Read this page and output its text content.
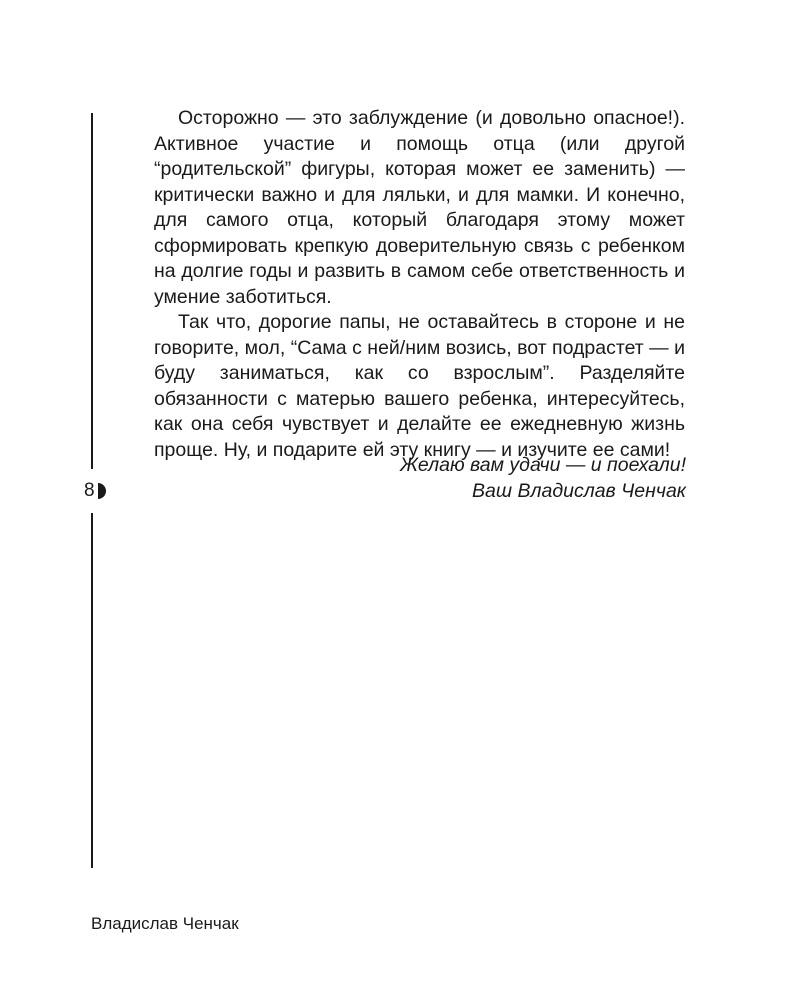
8

Осторожно — это заблуждение (и довольно опасное!). Активное участие и помощь отца (или другой “родительской” фигуры, которая может ее заменить) — критически важно и для ляльки, и для мамки. И конечно, для самого отца, который благодаря этому может сформировать крепкую доверительную связь с ребенком на долгие годы и развить в самом себе ответственность и умение заботиться.

Так что, дорогие папы, не оставайтесь в стороне и не говорите, мол, “Сама с ней/ним возись, вот подрастет — и буду заниматься, как со взрослым”. Разделяйте обязанности с матерью вашего ребенка, интересуйтесь, как она себя чувствует и делайте ее ежедневную жизнь проще. Ну, и подарите ей эту книгу — и изучите ее сами!

Желаю вам удачи — и поехали!
Ваш Владислав Ченчак
Владислав Ченчак
